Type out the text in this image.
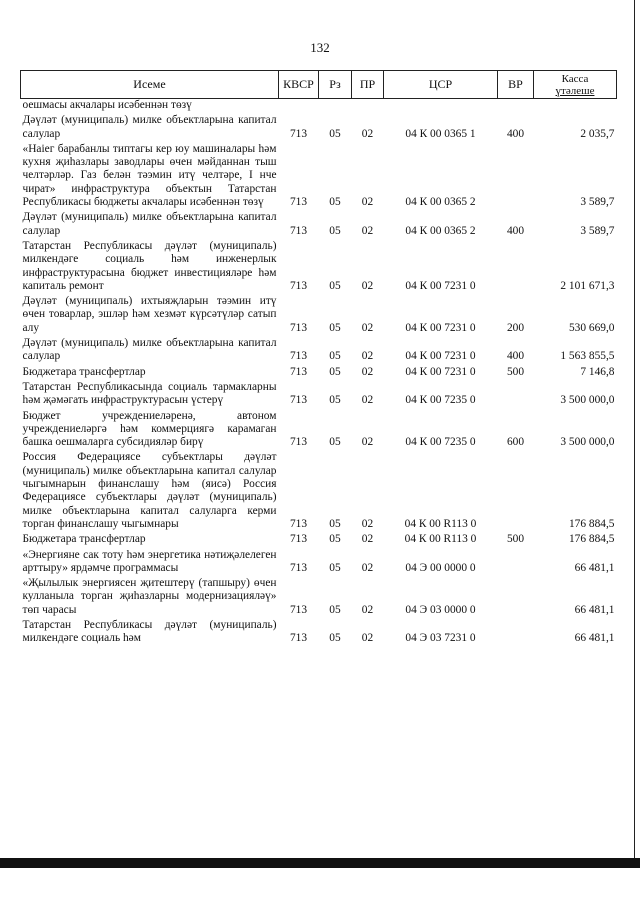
132
Исеме	КВСР	Рз	ПР	ЦСР	ВР	Касса
үтәлеше

оешмасы акчалары исәбеннән төзү						
Дәүләт (муниципаль) милке объектларына капитал салулар	713	05	02	04 К 00 0365 1	400	2 035,7
«Наіег барабанлы типтагы кер юу машиналары һәм кухня җиһазлары заводлары өчен мәйданнан тыш челтәрләр. Газ белән тәэмин итү челтәре, I нче чират» инфраструктура объектын Татарстан Республикасы бюджеты акчалары исәбеннән төзү	713	05	02	04 К 00 0365 2		3 589,7
Дәүләт (муниципаль) милке объектларына капитал салулар	713	05	02	04 К 00 0365 2	400	3 589,7
Татарстан Республикасы дәүләт (муниципаль) милкендәге социаль һәм инженерлык инфраструктурасына бюджет инвестицияләре һәм капиталь ремонт	713	05	02	04 К 00 7231 0		2 101 671,3
Дәүләт (муниципаль) ихтыяҗларын тәэмин итү өчен товарлар, эшләр һәм хезмәт күрсәтүләр сатып алу	713	05	02	04 К 00 7231 0	200	530 669,0
Дәүләт (муниципаль) милке объектларына капитал салулар	713	05	02	04 К 00 7231 0	400	1 563 855,5
Бюджетара трансфертлар	713	05	02	04 К 00 7231 0	500	7 146,8
Татарстан Республикасында социаль тармакларны һәм җәмәгать инфраструктурасын үстерү	713	05	02	04 К 00 7235 0		3 500 000,0
Бюджет учреждениеләренә, автоном учреждениеләргә һәм коммерциягә карамаган башка оешмаларга субсидияләр бирү	713	05	02	04 К 00 7235 0	600	3 500 000,0
Россия Федерациясе субъектлары дәүләт (муниципаль) милке объектларына капитал салулар чыгымнарын финанслашу һәм (яисә) Россия Федерациясе субъектлары дәүләт (муниципаль) милке объектларына капитал салуларга керми торган финанслашу чыгымнары	713	05	02	04 К 00 R113 0		176 884,5
Бюджетара трансфертлар	713	05	02	04 К 00 R113 0	500	176 884,5
«Энергияне сак тоту һәм энергетика нәтиҗәлелеген арттыру» ярдәмче программасы	713	05	02	04 Э 00 0000 0		66 481,1
«Җылылык энергиясен җитештерү (тапшыру) өчен кулланыла торган җиһазларны модернизацияләү» төп чарасы	713	05	02	04 Э 03 0000 0		66 481,1
Татарстан Республикасы дәүләт (муниципаль) милкендәге социаль һәм	713	05	02	04 Э 03 7231 0		66 481,1
